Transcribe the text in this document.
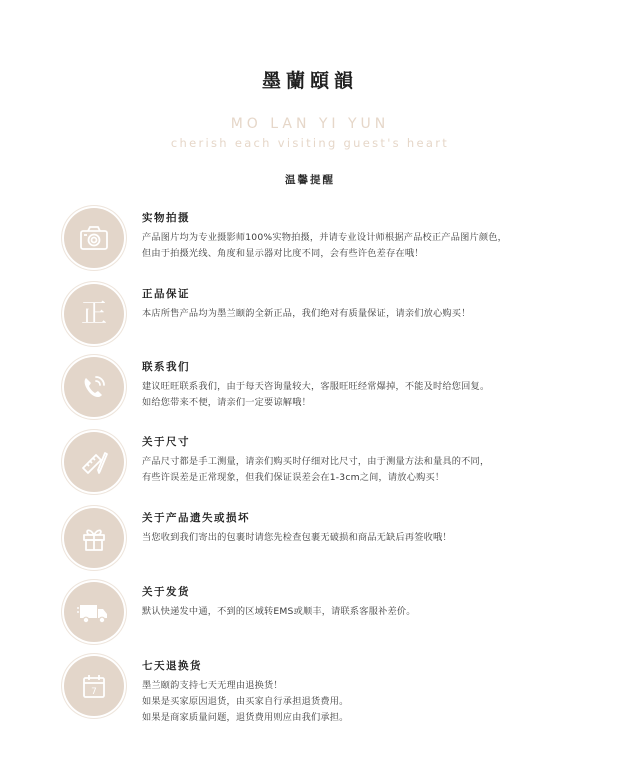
墨蘭頤韻
MO LAN YI YUN
cherish each visiting guest's heart
温馨提醒
实物拍摄
产品图片均为专业摄影师100%实物拍摄，并请专业设计师根据产品校正产品图片颜色，
但由于拍摄光线、角度和显示器对比度不同，会有些许色差存在哦！
正
正品保证
本店所售产品均为墨兰颐韵全新正品，我们绝对有质量保证，请亲们放心购买！
联系我们
建议旺旺联系我们，由于每天咨询量较大，客服旺旺经常爆掉，不能及时给您回复。
如给您带来不便，请亲们一定要谅解哦！
关于尺寸
产品尺寸都是手工测量，请亲们购买时仔细对比尺寸，由于测量方法和量具的不同，
有些许误差是正常现象，但我们保证误差会在1-3cm之间，请放心购买！
关于产品遗失或损坏
当您收到我们寄出的包裹时请您先检查包裹无破损和商品无缺后再签收哦！
关于发货
默认快递发中通，不到的区域转EMS或顺丰，请联系客服补差价。
7
七天退换货
墨兰颐韵支持七天无理由退换货！
如果是买家原因退货，由买家自行承担退货费用。
如果是商家质量问题，退货费用则应由我们承担。
